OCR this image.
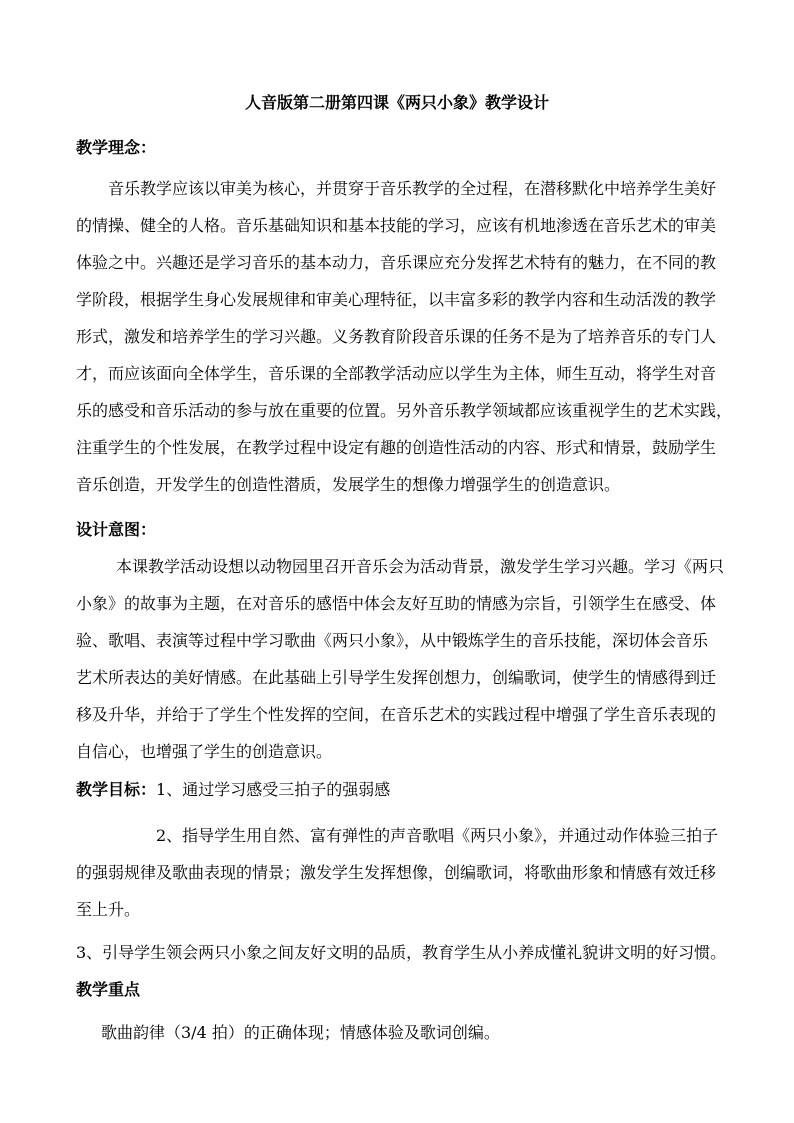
人音版第二册第四课《两只小象》教学设计
教学理念：
音乐教学应该以审美为核心，并贯穿于音乐教学的全过程，在潜移默化中培养学生美好
的情操、健全的人格。音乐基础知识和基本技能的学习，应该有机地渗透在音乐艺术的审美
体验之中。兴趣还是学习音乐的基本动力，音乐课应充分发挥艺术特有的魅力，在不同的教
学阶段，根据学生身心发展规律和审美心理特征，以丰富多彩的教学内容和生动活泼的教学
形式，激发和培养学生的学习兴趣。义务教育阶段音乐课的任务不是为了培养音乐的专门人
才，而应该面向全体学生，音乐课的全部教学活动应以学生为主体，师生互动，将学生对音
乐的感受和音乐活动的参与放在重要的位置。另外音乐教学领域都应该重视学生的艺术实践，
注重学生的个性发展，在教学过程中设定有趣的创造性活动的内容、形式和情景，鼓励学生
音乐创造，开发学生的创造性潜质，发展学生的想像力增强学生的创造意识。
设计意图：
本课教学活动设想以动物园里召开音乐会为活动背景，激发学生学习兴趣。学习《两只
小象》的故事为主题，在对音乐的感悟中体会友好互助的情感为宗旨，引领学生在感受、体
验、歌唱、表演等过程中学习歌曲《两只小象》，从中锻炼学生的音乐技能，深切体会音乐
艺术所表达的美好情感。在此基础上引导学生发挥创想力，创编歌词，使学生的情感得到迁
移及升华，并给于了学生个性发挥的空间，在音乐艺术的实践过程中增强了学生音乐表现的
自信心，也增强了学生的创造意识。
教学目标：1、通过学习感受三拍子的强弱感
2、指导学生用自然、富有弹性的声音歌唱《两只小象》，并通过动作体验三拍子
的强弱规律及歌曲表现的情景；激发学生发挥想像，创编歌词，将歌曲形象和情感有效迁移
至上升。
3、引导学生领会两只小象之间友好文明的品质，教育学生从小养成懂礼貌讲文明的好习惯。
教学重点
歌曲韵律（3/4 拍）的正确体现；情感体验及歌词创编。
